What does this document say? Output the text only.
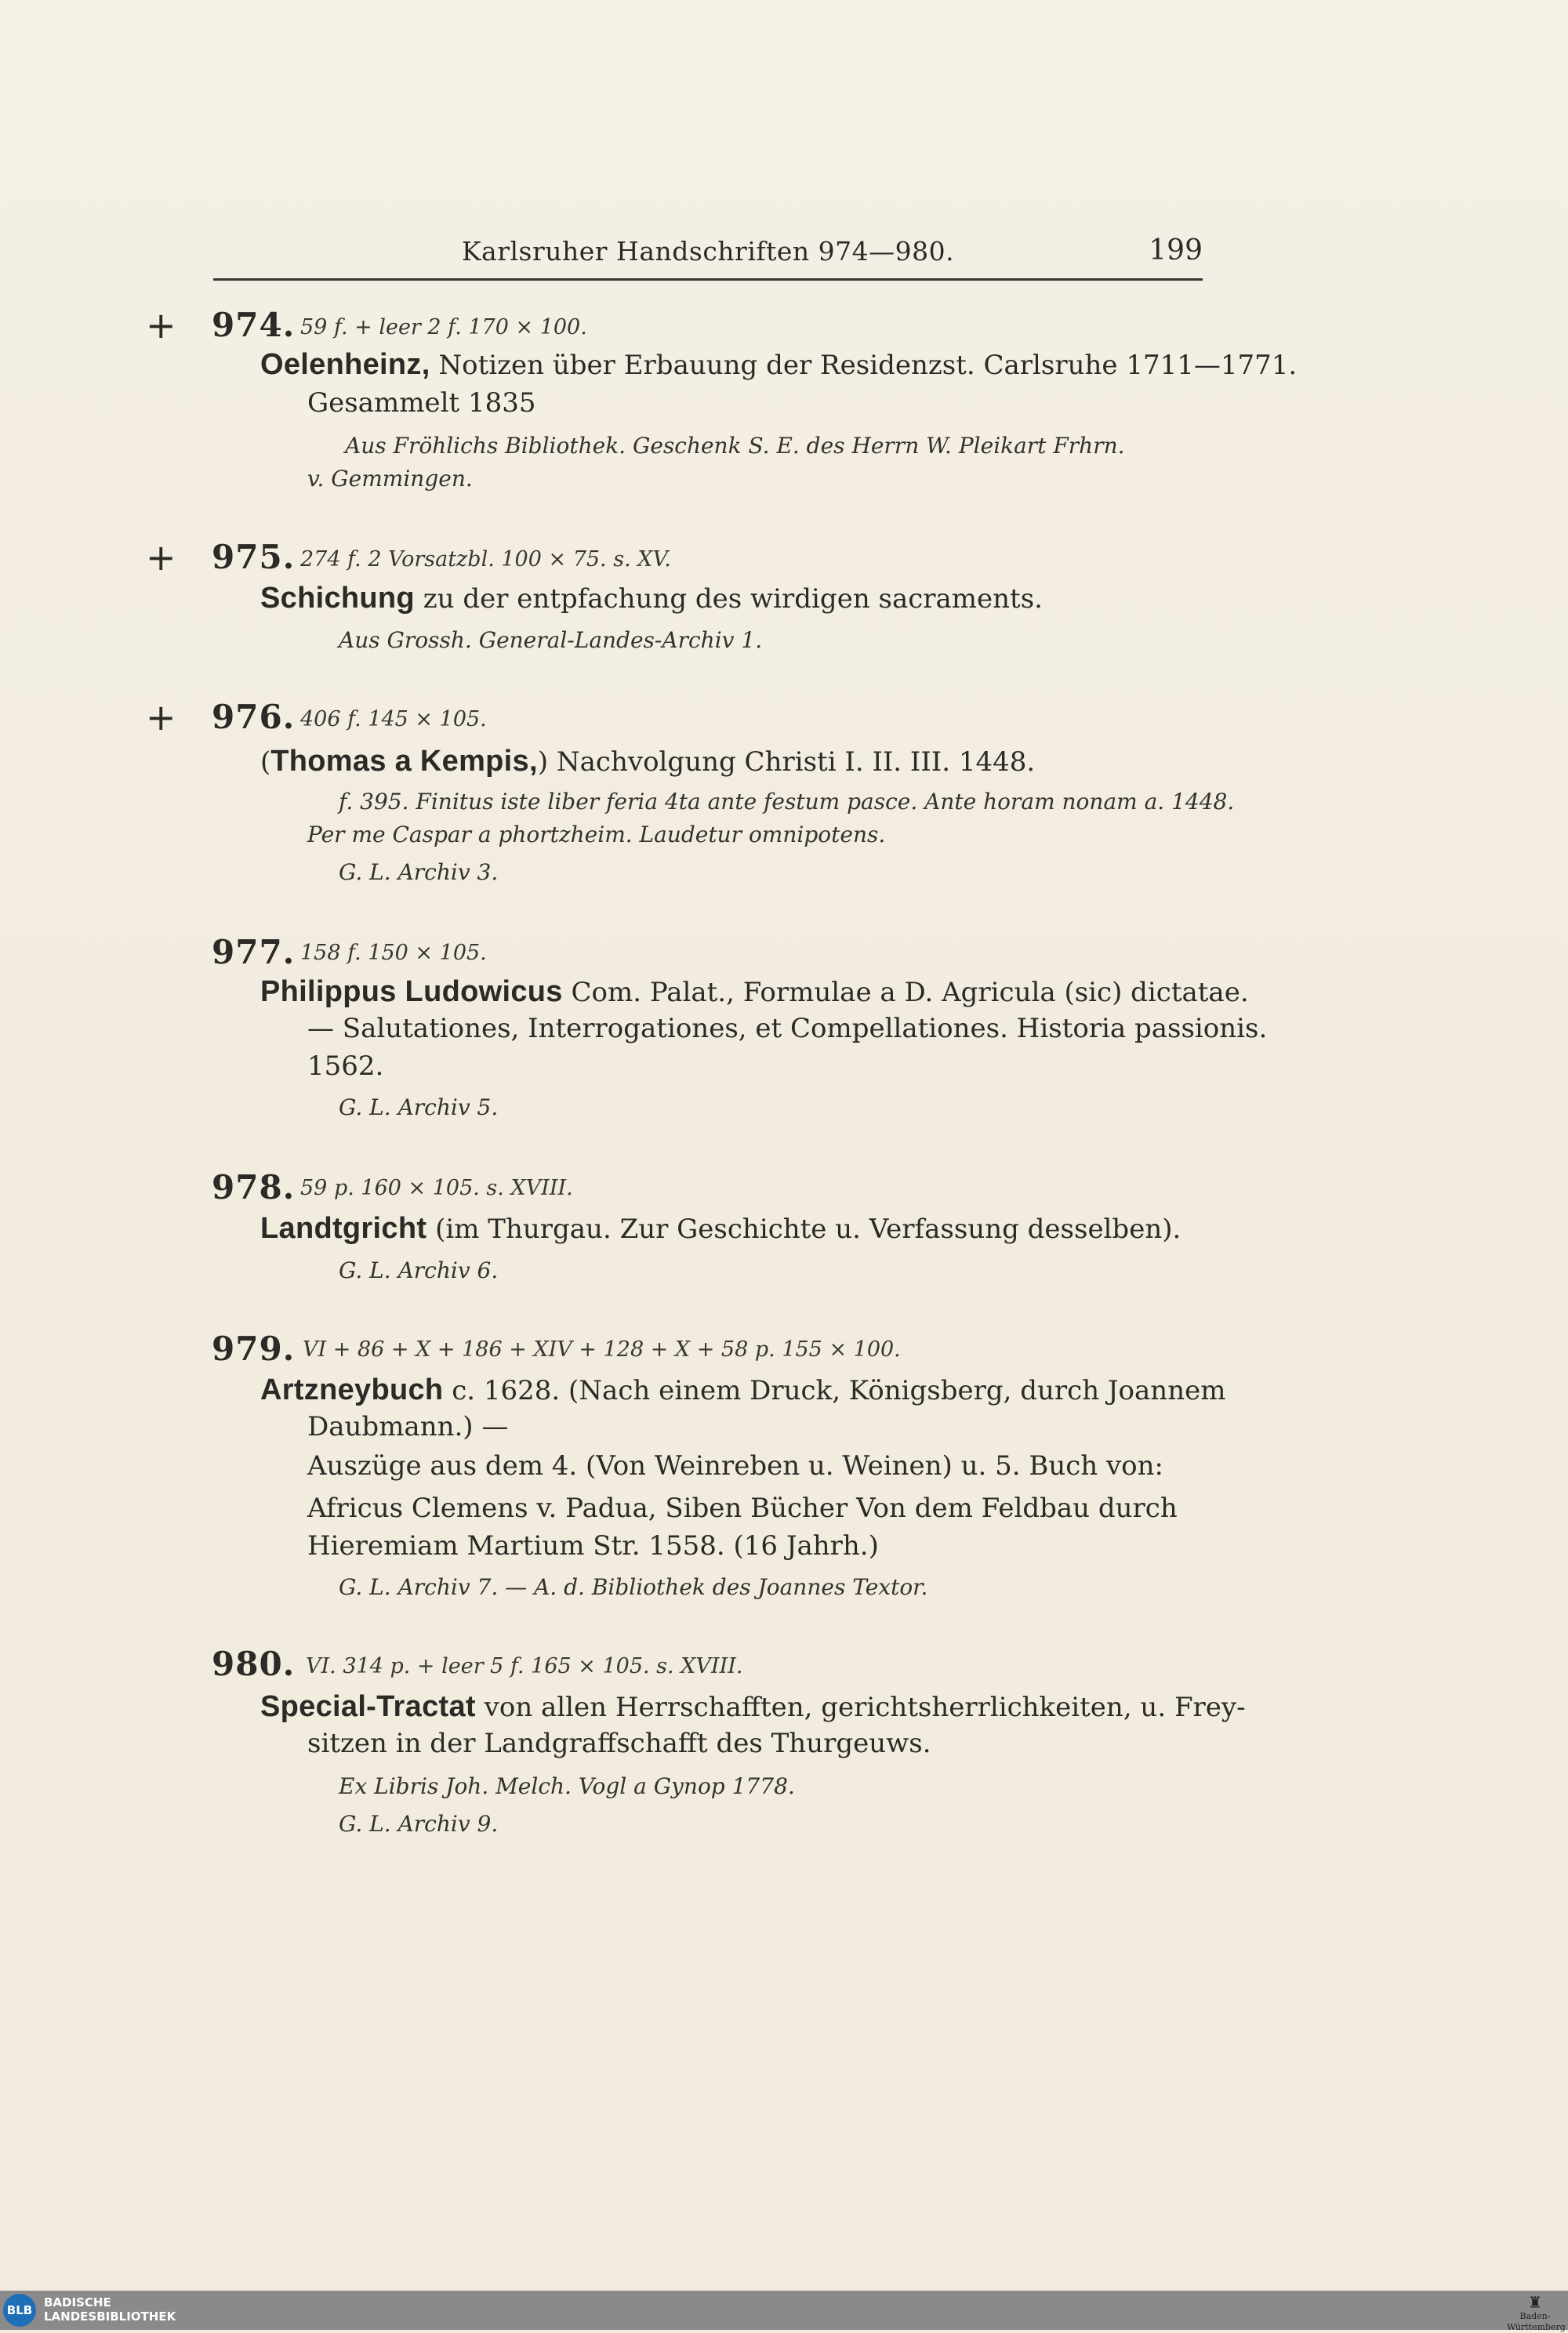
Karlsruher Handschriften 974—980.	199
+ 974. 59 f. + leer 2 f. 170 ⨯ 100.
Oelenheinz, Notizen über Erbauung der Residenzst. Carlsruhe 1711—1771.
Gesammelt 1835
Aus Fröhlichs Bibliothek. Geschenk S. E. des Herrn W. Pleikart Frhrn.
v. Gemmingen.
+ 975. 274 f. 2 Vorsatzbl. 100 ⨯ 75. s. XV.
Schichung zu der entpfachung des wirdigen sacraments.
Aus Grossh. General-Landes-Archiv 1.
+ 976. 406 f. 145 ⨯ 105.
(Thomas a Kempis,) Nachvolgung Christi I. II. III. 1448.
f. 395. Finitus iste liber feria 4ta ante festum pasce. Ante horam nonam a. 1448.
Per me Caspar a phortzheim. Laudetur omnipotens.
G. L. Archiv 3.
977. 158 f. 150 ⨯ 105.
Philippus Ludowicus Com. Palat., Formulae a D. Agricula (sic) dictatae.
— Salutationes, Interrogationes, et Compellationes. Historia passionis.
1562.
G. L. Archiv 5.
978. 59 p. 160 ⨯ 105. s. XVIII.
Landtgricht (im Thurgau. Zur Geschichte u. Verfassung desselben).
G. L. Archiv 6.
979. VI + 86 + X + 186 + XIV + 128 + X + 58 p. 155 ⨯ 100.
Artzneybuch c. 1628. (Nach einem Druck, Königsberg, durch Joannem
Daubmann.) —
Auszüge aus dem 4. (Von Weinreben u. Weinen) u. 5. Buch von:
Africus Clemens v. Padua, Siben Bücher Von dem Feldbau durch
Hieremiam Martium Str. 1558. (16 Jahrh.)
G. L. Archiv 7. — A. d. Bibliothek des Joannes Textor.
980. VI. 314 p. + leer 5 f. 165 ⨯ 105. s. XVIII.
Special-Tractat von allen Herrschafften, gerichtsherrlichkeiten, u. Frey-
sitzen in der Landgraffschafft des Thurgeuws.
Ex Libris Joh. Melch. Vogl a Gynop 1778.
G. L. Archiv 9.
BLB
BADISCHE
LANDESBIBLIOTHEK
♜
Baden-Württemberg
